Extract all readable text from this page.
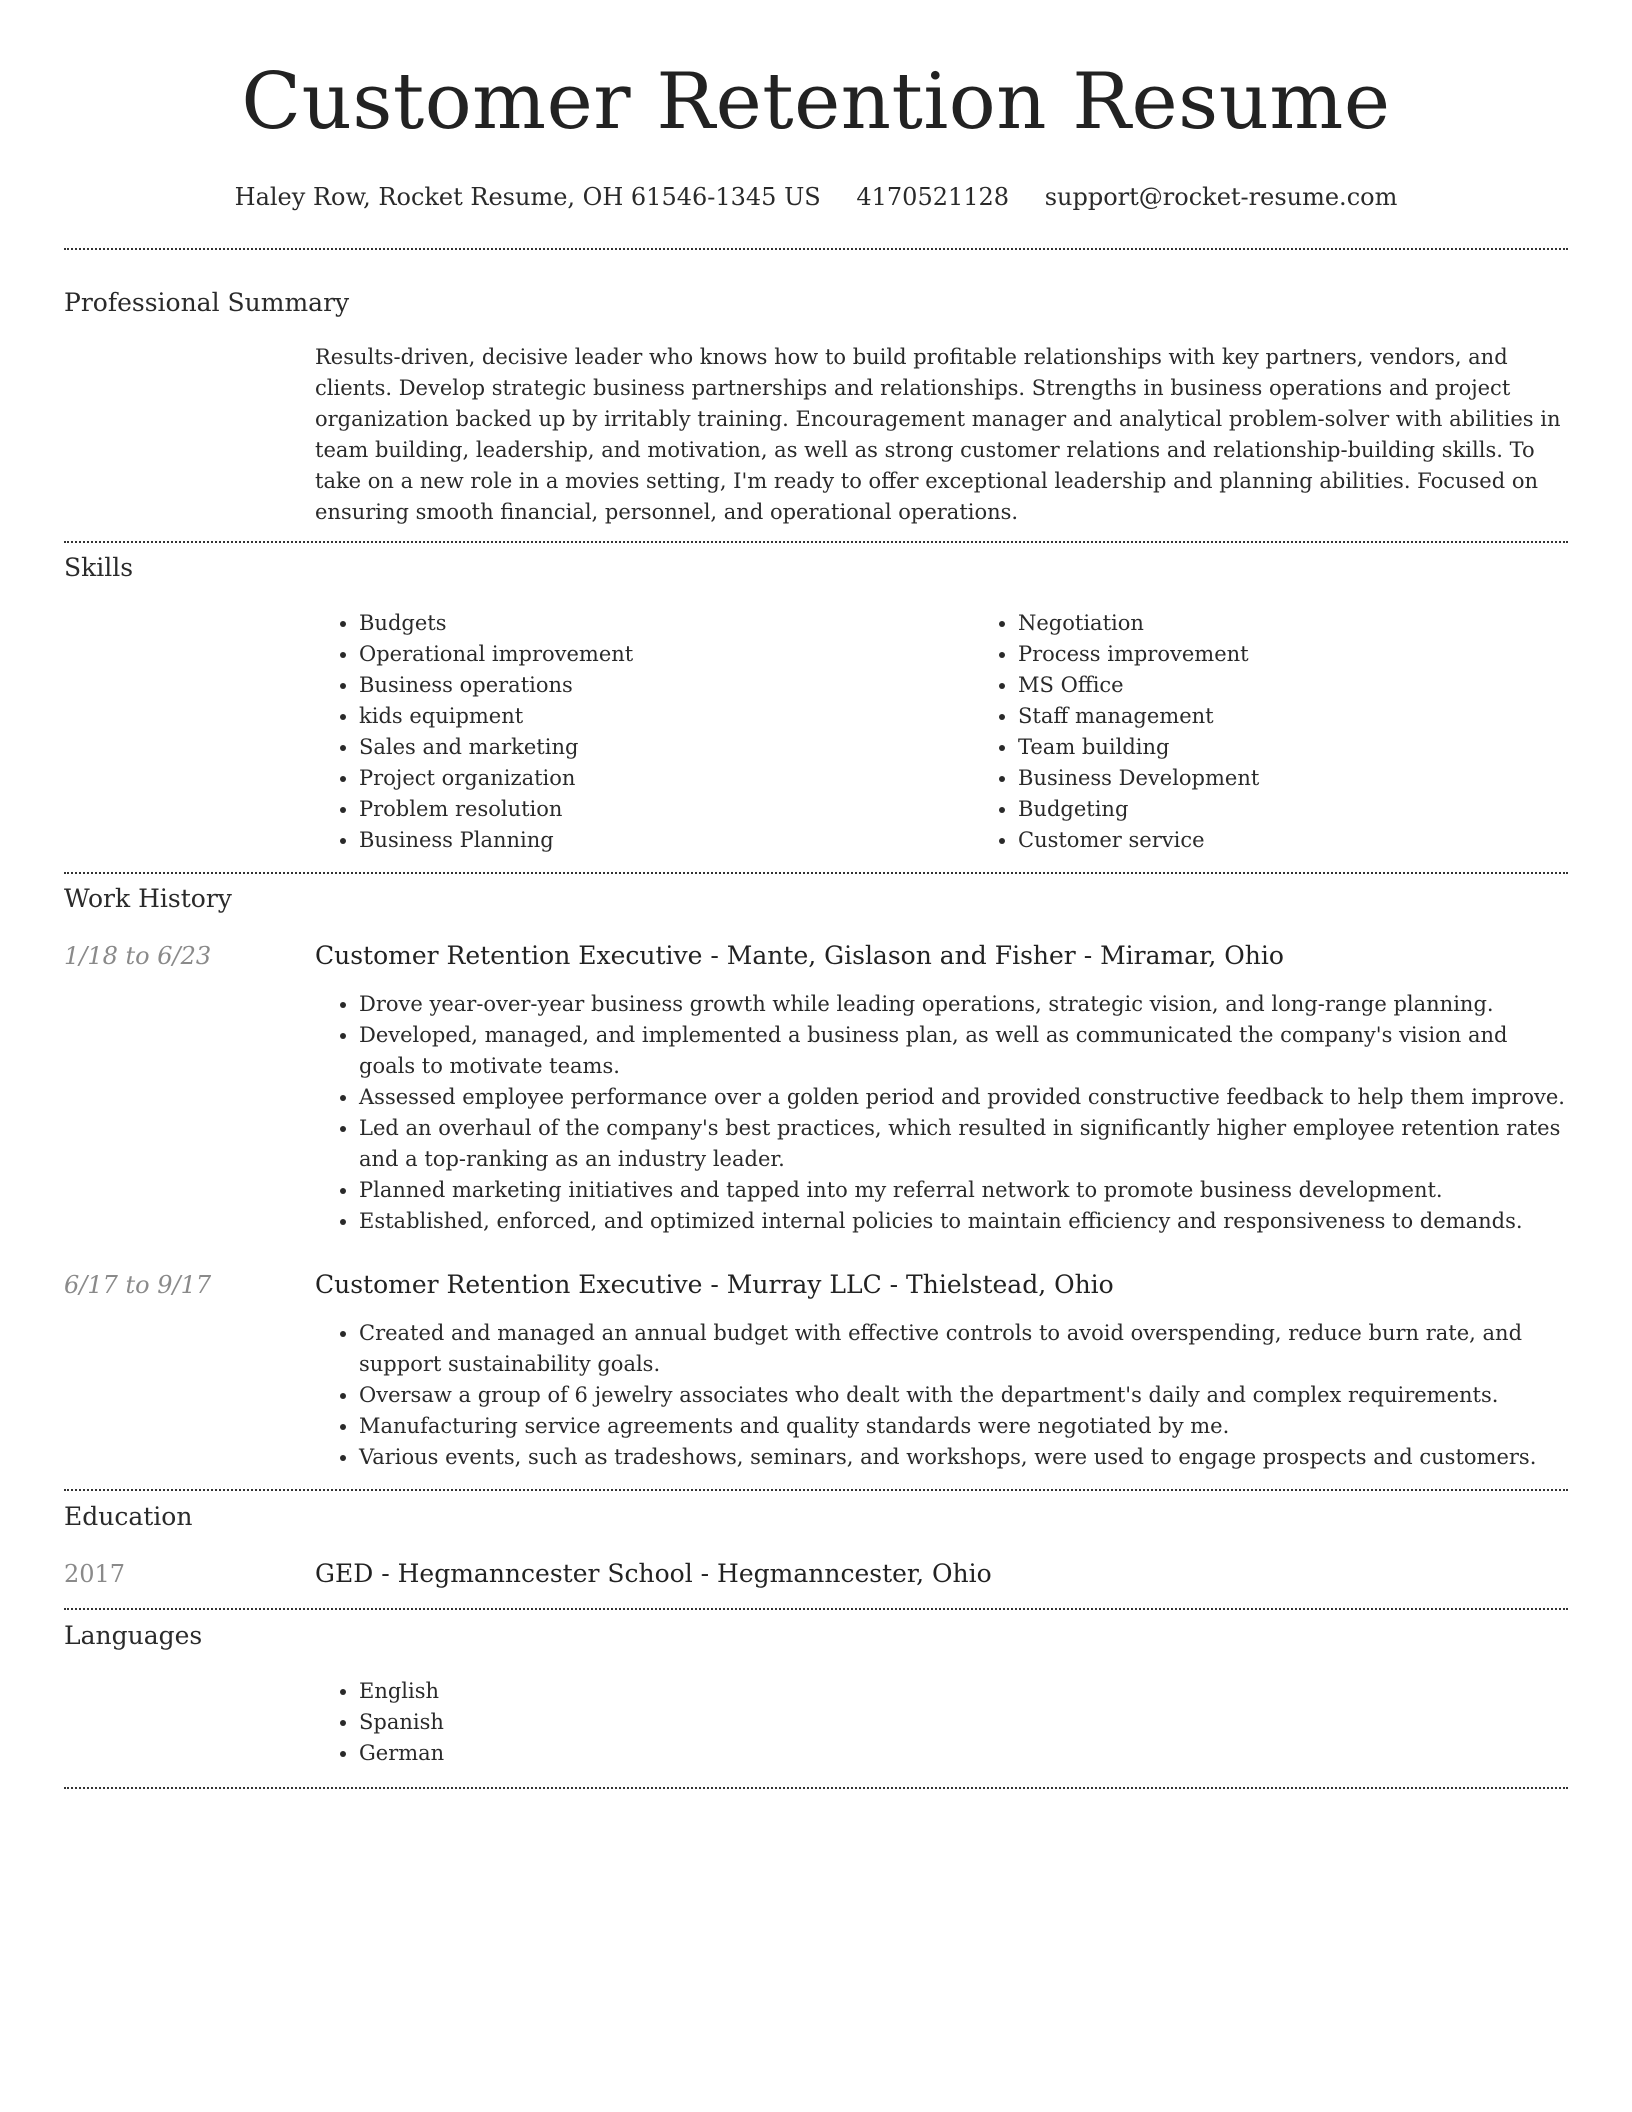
Customer Retention Resume
Haley Row, Rocket Resume, OH 61546-1345 US 4170521128 support@rocket-resume.com
Professional Summary

Results-driven, decisive leader who knows how to build profitable relationships with key partners, vendors, and clients. Develop strategic business partnerships and relationships. Strengths in business operations and project organization backed up by irritably training. Encouragement manager and analytical problem-solver with abilities in team building, leadership, and motivation, as well as strong customer relations and relationship-building skills. To take on a new role in a movies setting, I'm ready to offer exceptional leadership and planning abilities. Focused on ensuring smooth financial, personnel, and operational operations.

Skills
• Budgets
• Operational improvement
• Business operations
• kids equipment
• Sales and marketing
• Project organization
• Problem resolution
• Business Planning
• Negotiation
• Process improvement
• MS Office
• Staff management
• Team building
• Business Development
• Budgeting
• Customer service
Work History
1/18 to 6/23	Customer Retention Executive - Mante, Gislason and Fisher - Miramar, Ohio
• Drove year-over-year business growth while leading operations, strategic vision, and long-range planning.
• Developed, managed, and implemented a business plan, as well as communicated the company's vision and goals to motivate teams.
• Assessed employee performance over a golden period and provided constructive feedback to help them improve.
• Led an overhaul of the company's best practices, which resulted in significantly higher employee retention rates and a top-ranking as an industry leader.
• Planned marketing initiatives and tapped into my referral network to promote business development.
• Established, enforced, and optimized internal policies to maintain efficiency and responsiveness to demands.
6/17 to 9/17	Customer Retention Executive - Murray LLC - Thielstead, Ohio
• Created and managed an annual budget with effective controls to avoid overspending, reduce burn rate, and support sustainability goals.
• Oversaw a group of 6 jewelry associates who dealt with the department's daily and complex requirements.
• Manufacturing service agreements and quality standards were negotiated by me.
• Various events, such as tradeshows, seminars, and workshops, were used to engage prospects and customers.
Education
2017	GED - Hegmanncester School - Hegmanncester, Ohio
Languages
• English
• Spanish
• German
